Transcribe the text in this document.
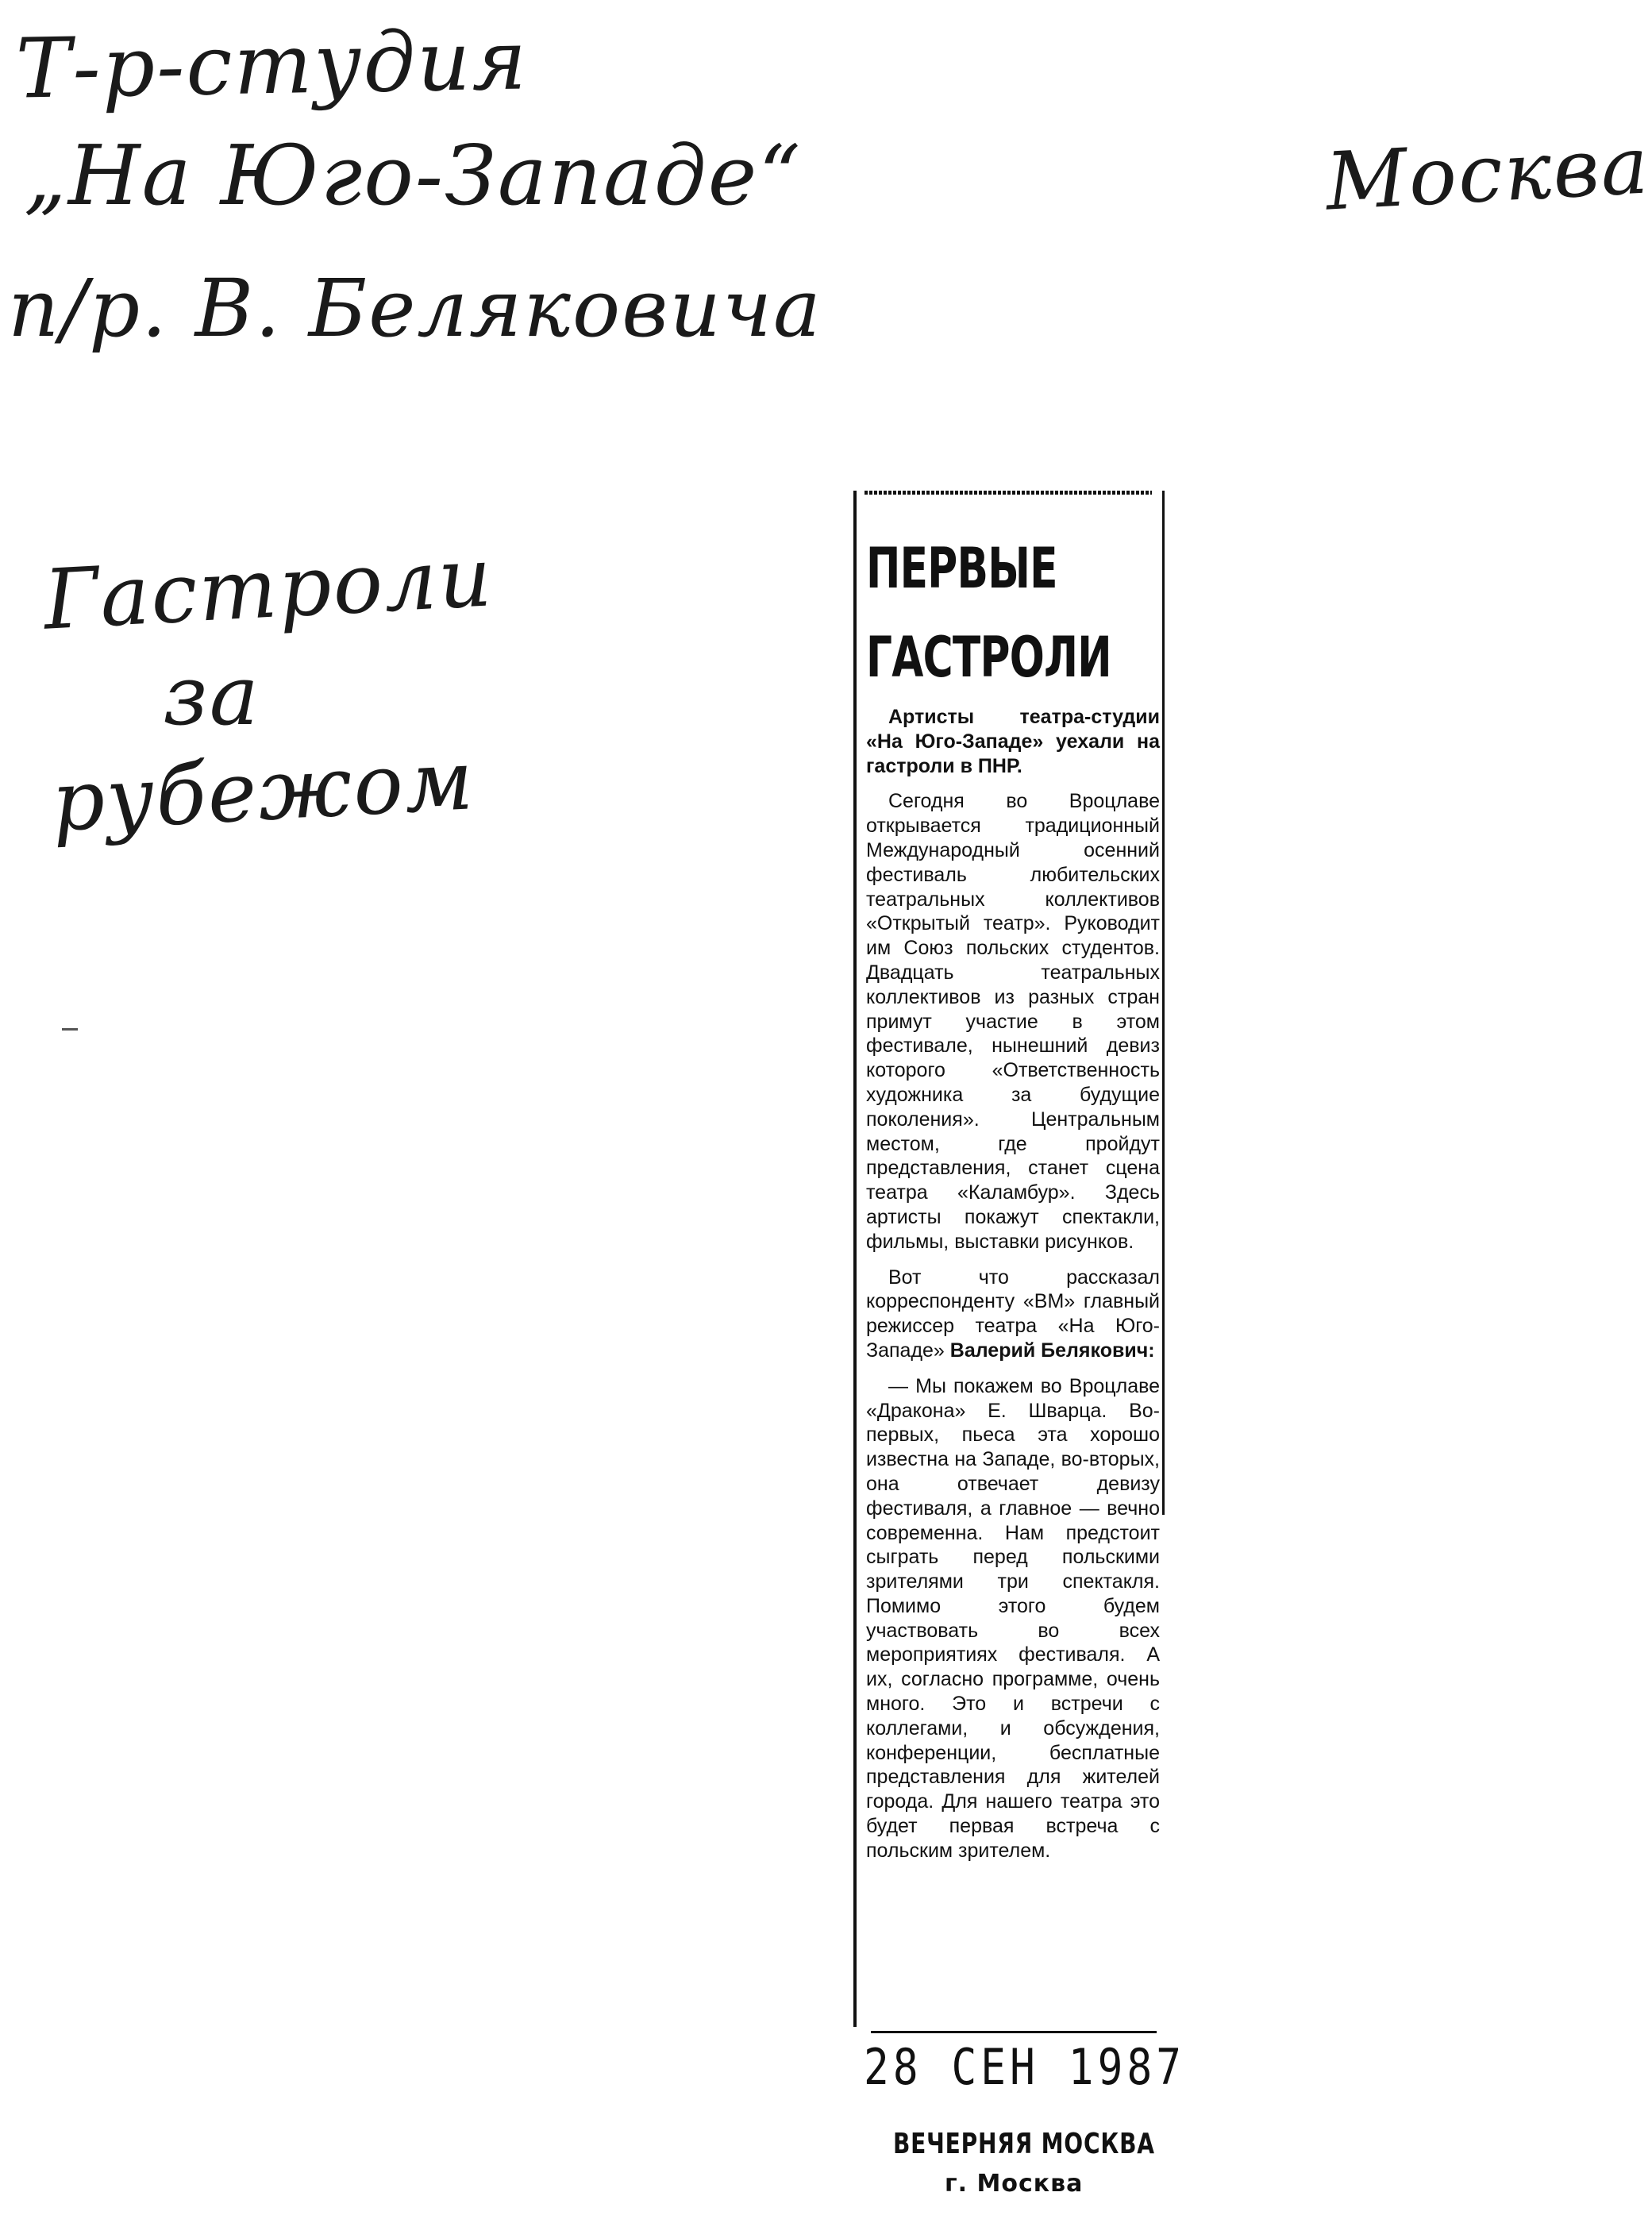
Т-р-студия
„На Юго-Западе“
п/р. В. Беляковича
Москва
Гастроли
за
рубежом
ПЕРВЫЕ
ГАСТРОЛИ

Артисты театра-студии «На Юго-Западе» уехали на гастроли в ПНР.

Сегодня во Вроцлаве открывается традиционный Международный осенний фестиваль любительских театральных коллективов «Открытый театр». Руководит им Союз польских студентов. Двадцать театральных коллективов из разных стран примут участие в этом фестивале, нынешний девиз которого «Ответственность художника за будущие поколения». Центральным местом, где пройдут представления, станет сцена театра «Каламбур». Здесь артисты покажут спектакли, фильмы, выставки рисунков.

Вот что рассказал корреспонденту «ВМ» главный режиссер театра «На Юго-Западе» Валерий Белякович:

— Мы покажем во Вроцлаве «Дракона» Е. Шварца. Во-первых, пьеса эта хорошо известна на Западе, во-вторых, она отвечает девизу фестиваля, а главное — вечно современна. Нам предстоит сыграть перед польскими зрителями три спектакля. Помимо этого будем участвовать во всех мероприятиях фестиваля. А их, согласно программе, очень много. Это и встречи с коллегами, и обсуждения, конференции, бесплатные представления для жителей города. Для нашего театра это будет первая встреча с польским зрителем.

28 СЕН 1987
ВЕЧЕРНЯЯ МОСКВА
г. Москва
